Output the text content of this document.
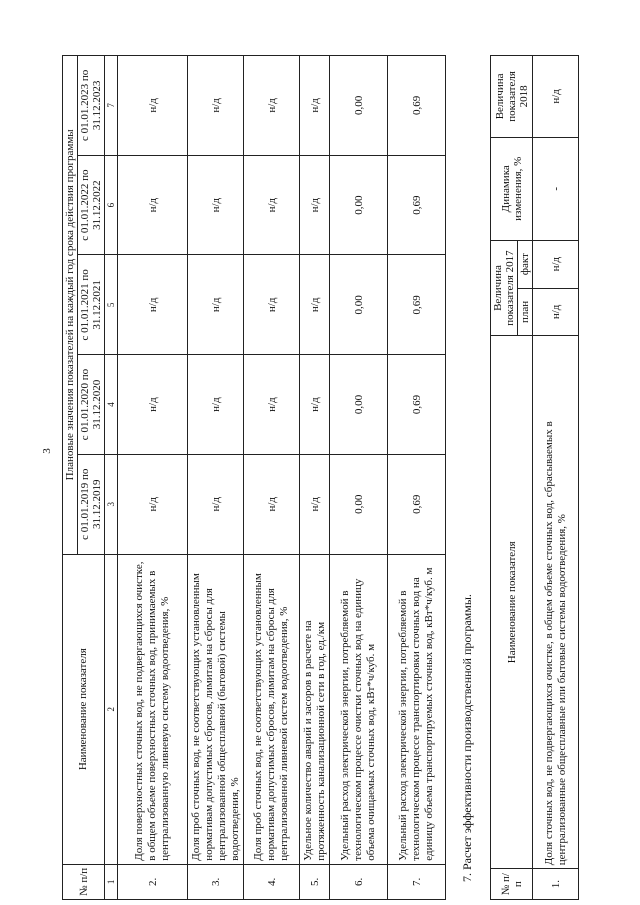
3
№ п/п	Наименование показателя	Плановые значения показателей на каждый год срока действия программы				
		с 01.01.2019 по 31.12.2019	с 01.01.2020 по 31.12.2020	с 01.01.2021 по 31.12.2021	с 01.01.2022 по 31.12.2022	с 01.01.2023 по 31.12.2023
1	2	3	4	5	6	7
2.	Доля поверхностных сточных вод, не подвергающихся очистке, в общем объеме поверхностных сточных вод, принимаемых в централизованную ливневую систему водоотведения, %	н/д	н/д	н/д	н/д	н/д
3.	Доля проб сточных вод, не соответствующих установленным нормативам допустимых сбросов, лимитам на сбросы для централизованной общесплавной (бытовой) системы водоотведения, %	н/д	н/д	н/д	н/д	н/д
4.	Доля проб сточных вод, не соответствующих установленным нормативам допустимых сбросов, лимитам на сбросы для централизованной ливневой систем водоотведения, %	н/д	н/д	н/д	н/д	н/д
5.	Удельное количество аварий и засоров в расчете на протяженность канализационной сети в год, ед./км	н/д	н/д	н/д	н/д	н/д
6.	Удельный расход электрической энергии, потребляемой в технологическом процессе очистки сточных вод на единицу объема очищаемых сточных вод, кВт*ч/куб. м	0,00	0,00	0,00	0,00	0,00
7.	Удельный расход электрической энергии, потребляемой в технологическом процессе транспортировки сточных вод на единицу объема транспортируемых сточных вод, кВт*ч/куб. м	0,69	0,69	0,69	0,69	0,69
7. Расчет эффективности производственной программы.
№ п/п	Наименование показателя	Величина показателя 2017		Динамика изменения, %	Величина показателя 2018
		план	факт		
1.	Доля сточных вод, не подвергающихся очистке, в общем объеме сточных вод, сбрасываемых в централизованные общесплавные или бытовые системы водоотведения, %	н/д	н/д	-	н/д
